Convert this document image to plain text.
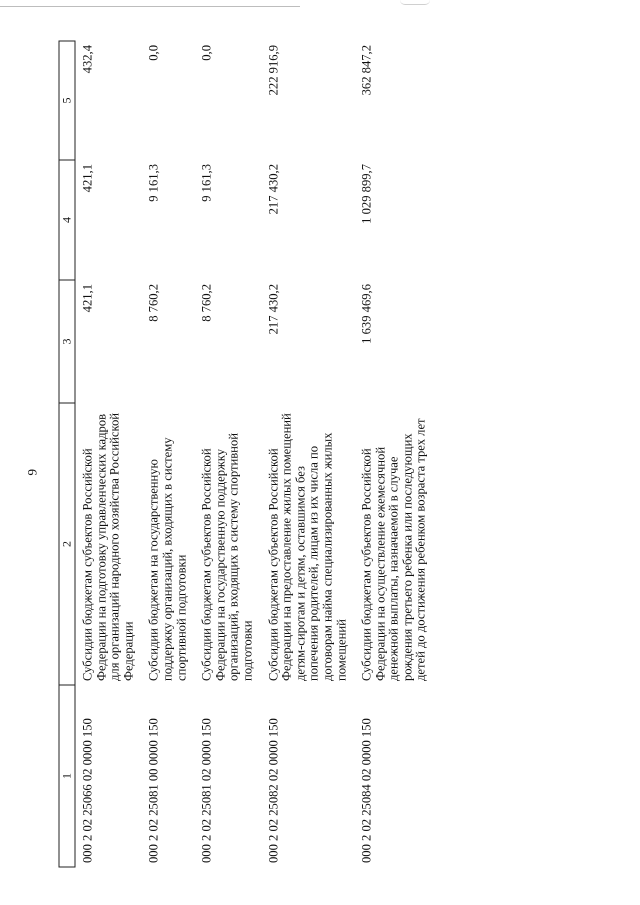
9
1	2	3	4	5
000 2 02 25066 02 0000 150	Субсидии бюджетам субъектов Российской Федерации на подготовку управленческих кадров для организаций народного хозяйства Российской Федерации	421,1	421,1	432,4
000 2 02 25081 00 0000 150	Субсидии бюджетам на государственную поддержку организаций, входящих в систему спортивной подготовки	8 760,2	9 161,3	0,0
000 2 02 25081 02 0000 150	Субсидии бюджетам субъектов Российской Федерации на государственную поддержку организаций, входящих в систему спортивной подготовки	8 760,2	9 161,3	0,0
000 2 02 25082 02 0000 150	Субсидии бюджетам субъектов Российской Федерации на предоставление жилых помещений детям-сиротам и детям, оставшимся без попечения родителей, лицам из их числа по договорам найма специализированных жилых помещений	217 430,2	217 430,2	222 916,9
000 2 02 25084 02 0000 150	Субсидии бюджетам субъектов Российской Федерации на осуществление ежемесячной денежной выплаты, назначаемой в случае рождения третьего ребенка или последующих детей до достижения ребенком возраста трех лет	1 639 469,6	1 029 899,7	362 847,2
